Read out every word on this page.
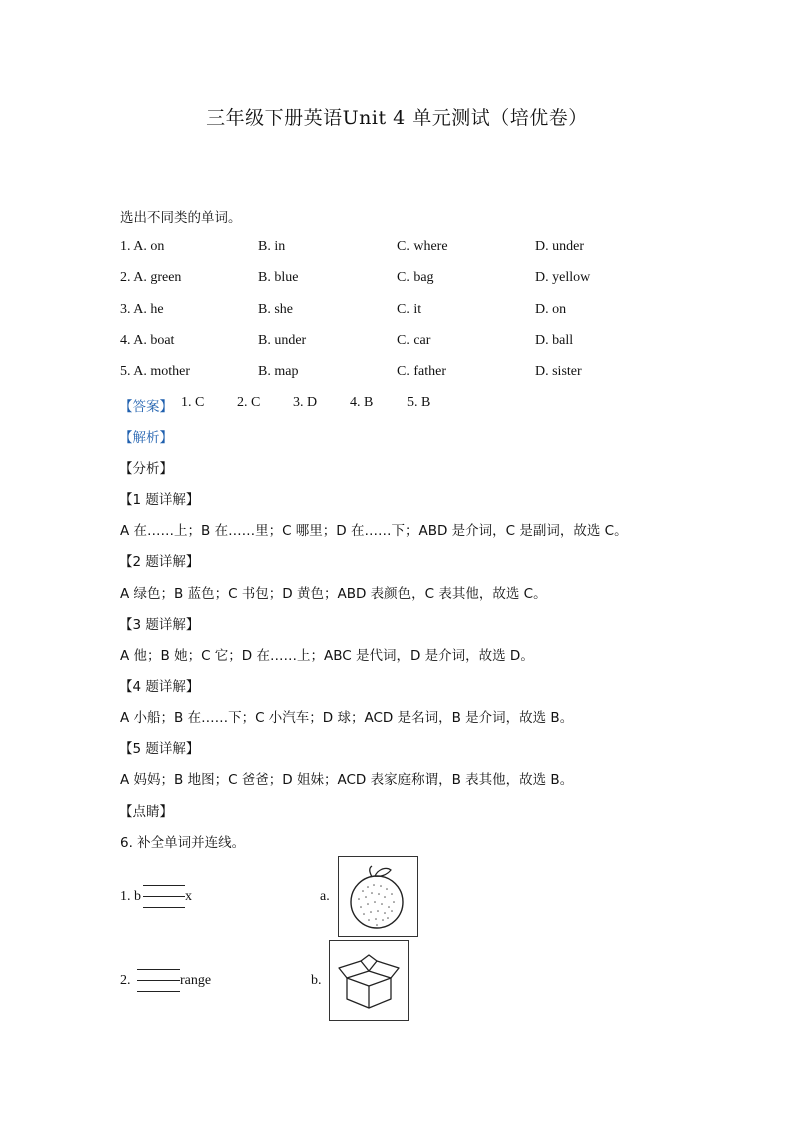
三年级下册英语Unit 4 单元测试（培优卷）
选出不同类的单词。
1. A. on	B. in	C. where	D. under
2. A. green	B. blue	C. bag	D. yellow
3. A. he	B. she	C. it	D. on
4. A. boat	B. under	C. car	D. ball
5. A. mother	B. map	C. father	D. sister
【答案】 1. C 2. C 3. D 4. B 5. B
【解析】
【分析】
【1 题详解】
A 在……上；B 在……里；C 哪里；D 在……下；ABD 是介词，C 是副词，故选 C。
【2 题详解】
A 绿色；B 蓝色；C 书包；D 黄色；ABD 表颜色，C 表其他，故选 C。
【3 题详解】
A 他；B 她；C 它；D 在……上；ABC 是代词，D 是介词，故选 D。
【4 题详解】
A 小船；B 在……下；C 小汽车；D 球；ACD 是名词，B 是介词，故选 B。
【5 题详解】
A 妈妈；B 地图；C 爸爸；D 姐妹；ACD 表家庭称谓，B 表其他，故选 B。
【点睛】
6. 补全单词并连线。
1. b	x	a.
2.	range	b.
